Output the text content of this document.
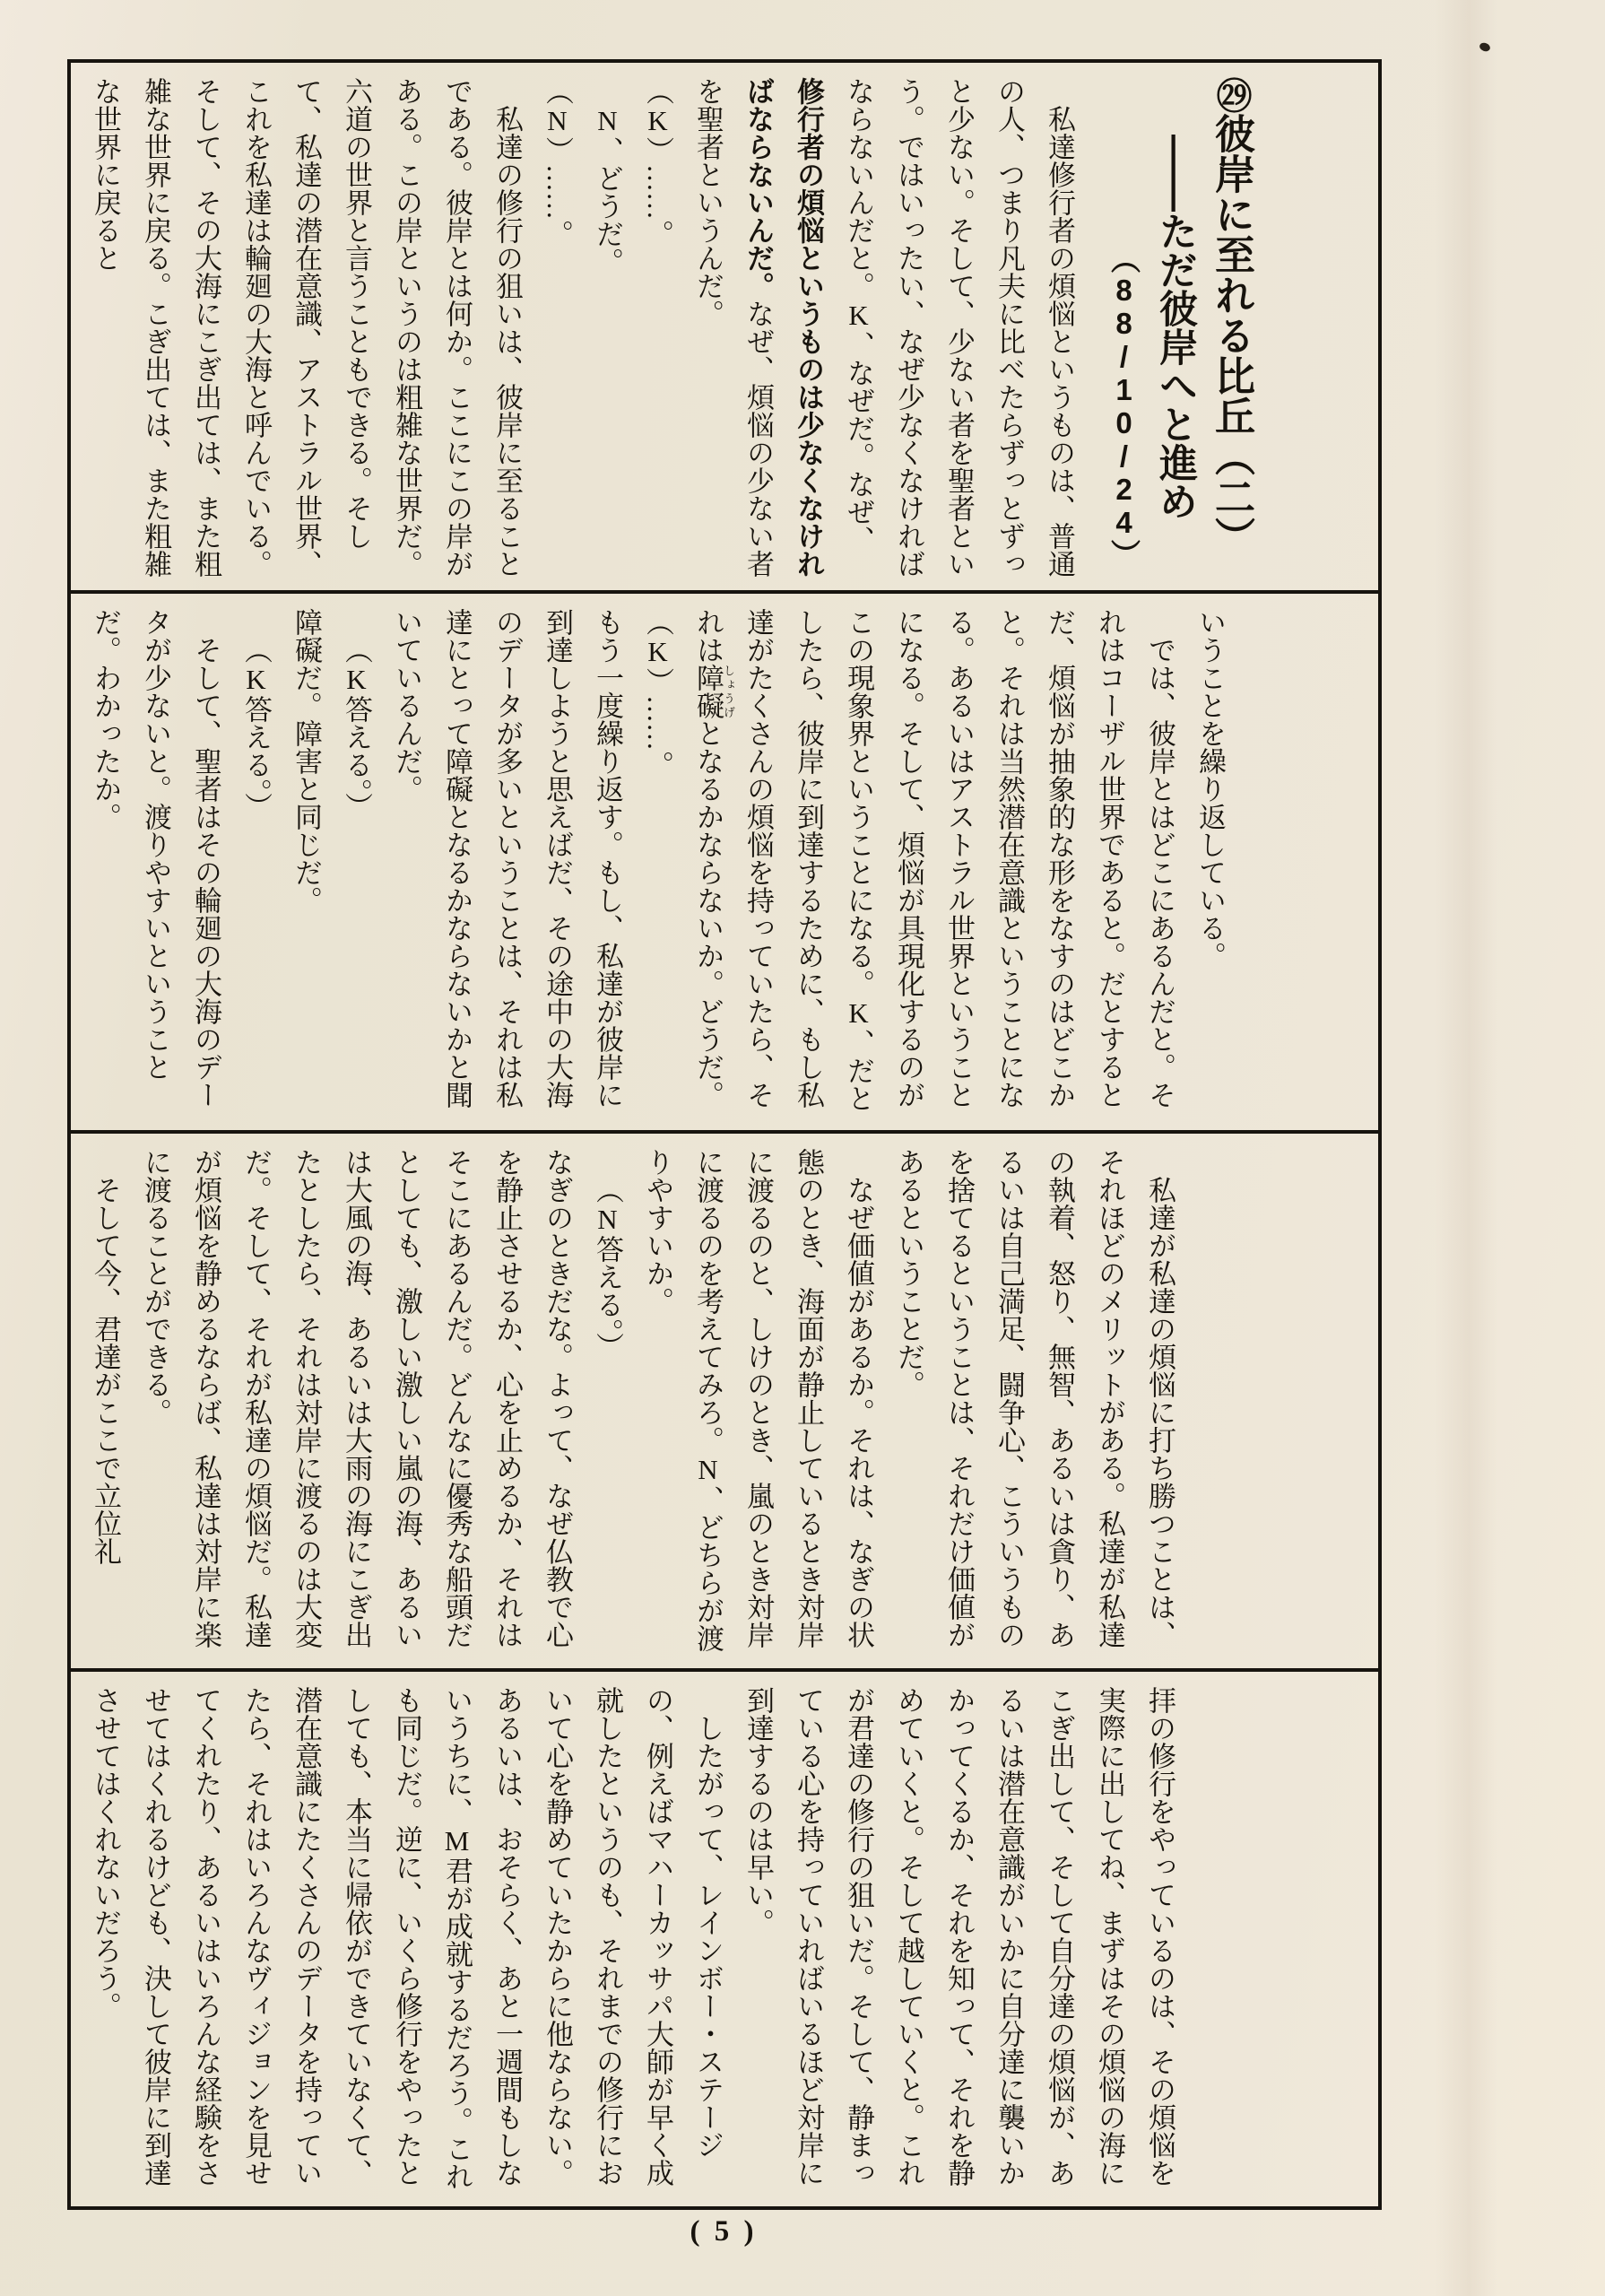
㉙彼岸に至れる比丘（二）
――ただ彼岸へと進め
（88/10/24）

私達修行者の煩悩というものは、普通の人、つまり凡夫に比べたらずっとずっと少ない。そして、少ない者を聖者という。ではいったい、なぜ少なくなければならないんだと。K、なぜだ。なぜ、修行者の煩悩というものは少なくなければならないんだ。なぜ、煩悩の少ない者を聖者というんだ。

（K）……。

N、どうだ。

（N）……。

私達の修行の狙いは、彼岸に至ることである。彼岸とは何か。ここにこの岸がある。この岸というのは粗雑な世界だ。六道の世界と言うこともできる。そして、私達の潜在意識、アストラル世界、これを私達は輪廻の大海と呼んでいる。そして、その大海にこぎ出ては、また粗雑な世界に戻る。こぎ出ては、また粗雑な世界に戻ると

いうことを繰り返している。

では、彼岸とはどこにあるんだと。それはコーザル世界であると。だとするとだ、煩悩が抽象的な形をなすのはどこかと。それは当然潜在意識ということになる。あるいはアストラル世界ということになる。そして、煩悩が具現化するのがこの現象界ということになる。K、だとしたら、彼岸に到達するために、もし私達がたくさんの煩悩を持っていたら、それは障礙しょうげとなるかならないか。どうだ。

（K）……。

もう一度繰り返す。もし、私達が彼岸に到達しようと思えばだ、その途中の大海のデータが多いということは、それは私達にとって障礙となるかならないかと聞いているんだ。

（K答える。）

障礙だ。障害と同じだ。

（K答える。）

そして、聖者はその輪廻の大海のデータが少ないと。渡りやすいということだ。わかったか。

私達が私達の煩悩に打ち勝つことは、それほどのメリットがある。私達が私達の執着、怒り、無智、あるいは貪り、あるいは自己満足、闘争心、こういうものを捨てるということは、それだけ価値があるということだ。

なぜ価値があるか。それは、なぎの状態のとき、海面が静止しているとき対岸に渡るのと、しけのとき、嵐のとき対岸に渡るのを考えてみろ。N、どちらが渡りやすいか。

（N答える。）

なぎのときだな。よって、なぜ仏教で心を静止させるか、心を止めるか、それはそこにあるんだ。どんなに優秀な船頭だとしても、激しい激しい嵐の海、あるいは大風の海、あるいは大雨の海にこぎ出たとしたら、それは対岸に渡るのは大変だ。そして、それが私達の煩悩だ。私達が煩悩を静めるならば、私達は対岸に楽に渡ることができる。

そして今、君達がここで立位礼

拝の修行をやっているのは、その煩悩を実際に出してね、まずはその煩悩の海にこぎ出して、そして自分達の煩悩が、あるいは潜在意識がいかに自分達に襲いかかってくるか、それを知って、それを静めていくと。そして越していくと。これが君達の修行の狙いだ。そして、静まっている心を持っていればいるほど対岸に到達するのは早い。

したがって、レインボー・ステージの、例えばマハーカッサパ大師が早く成就したというのも、それまでの修行において心を静めていたからに他ならない。あるいは、おそらく、あと一週間もしないうちに、M君が成就するだろう。これも同じだ。逆に、いくら修行をやったとしても、本当に帰依ができていなくて、潜在意識にたくさんのデータを持っていたら、それはいろんなヴィジョンを見せてくれたり、あるいはいろんな経験をさせてはくれるけども、決して彼岸に到達させてはくれないだろう。

( 5 )
